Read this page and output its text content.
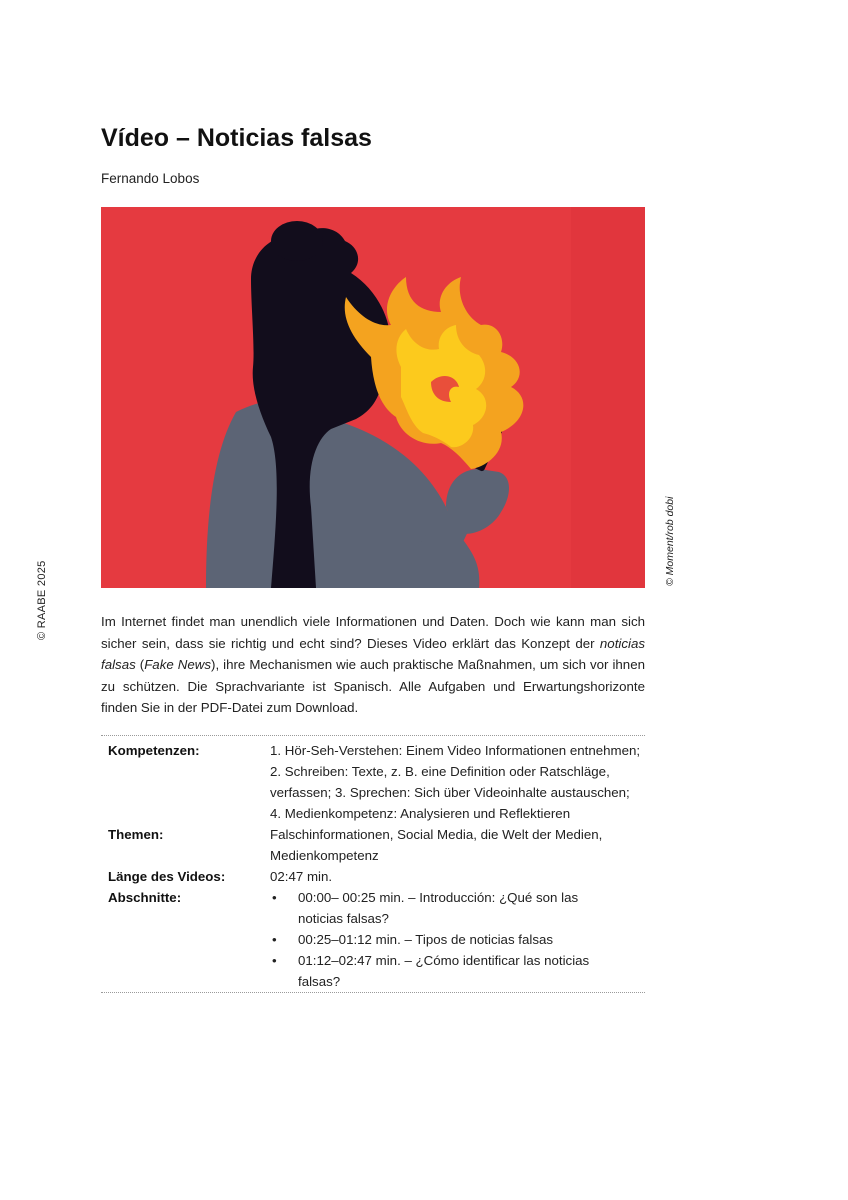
© RAABE 2025
Vídeo – Noticias falsas
Fernando Lobos
© Moment/rob dobi

Im Internet findet man unendlich viele Informationen und Daten. Doch wie kann man sich sicher sein, dass sie richtig und echt sind? Dieses Video erklärt das Konzept der noticias falsas (Fake News), ihre Mechanismen wie auch praktische Maßnahmen, um sich vor ihnen zu schützen. Die Sprachvariante ist Spanisch. Alle Aufgaben und Erwartungshorizonte finden Sie in der PDF-Datei zum Download.

Kompetenzen:	1. Hör-Seh-Verstehen: Einem Video Informationen entnehmen;
2. Schreiben: Texte, z. B. eine Definition oder Ratschläge,
verfassen; 3. Sprechen: Sich über Videoinhalte austauschen;
4. Medienkompetenz: Analysieren und Reflektieren
Themen:	Falschinformationen, Social Media, die Welt der Medien,
Medienkompetenz
Länge des Videos:	02:47 min.
Abschnitte:	•	00:00– 00:25 min. – Introducción: ¿Qué son las noticias falsas?
•	00:25–01:12 min. – Tipos de noticias falsas
•	01:12–02:47 min. – ¿Cómo identificar las noticias falsas?
